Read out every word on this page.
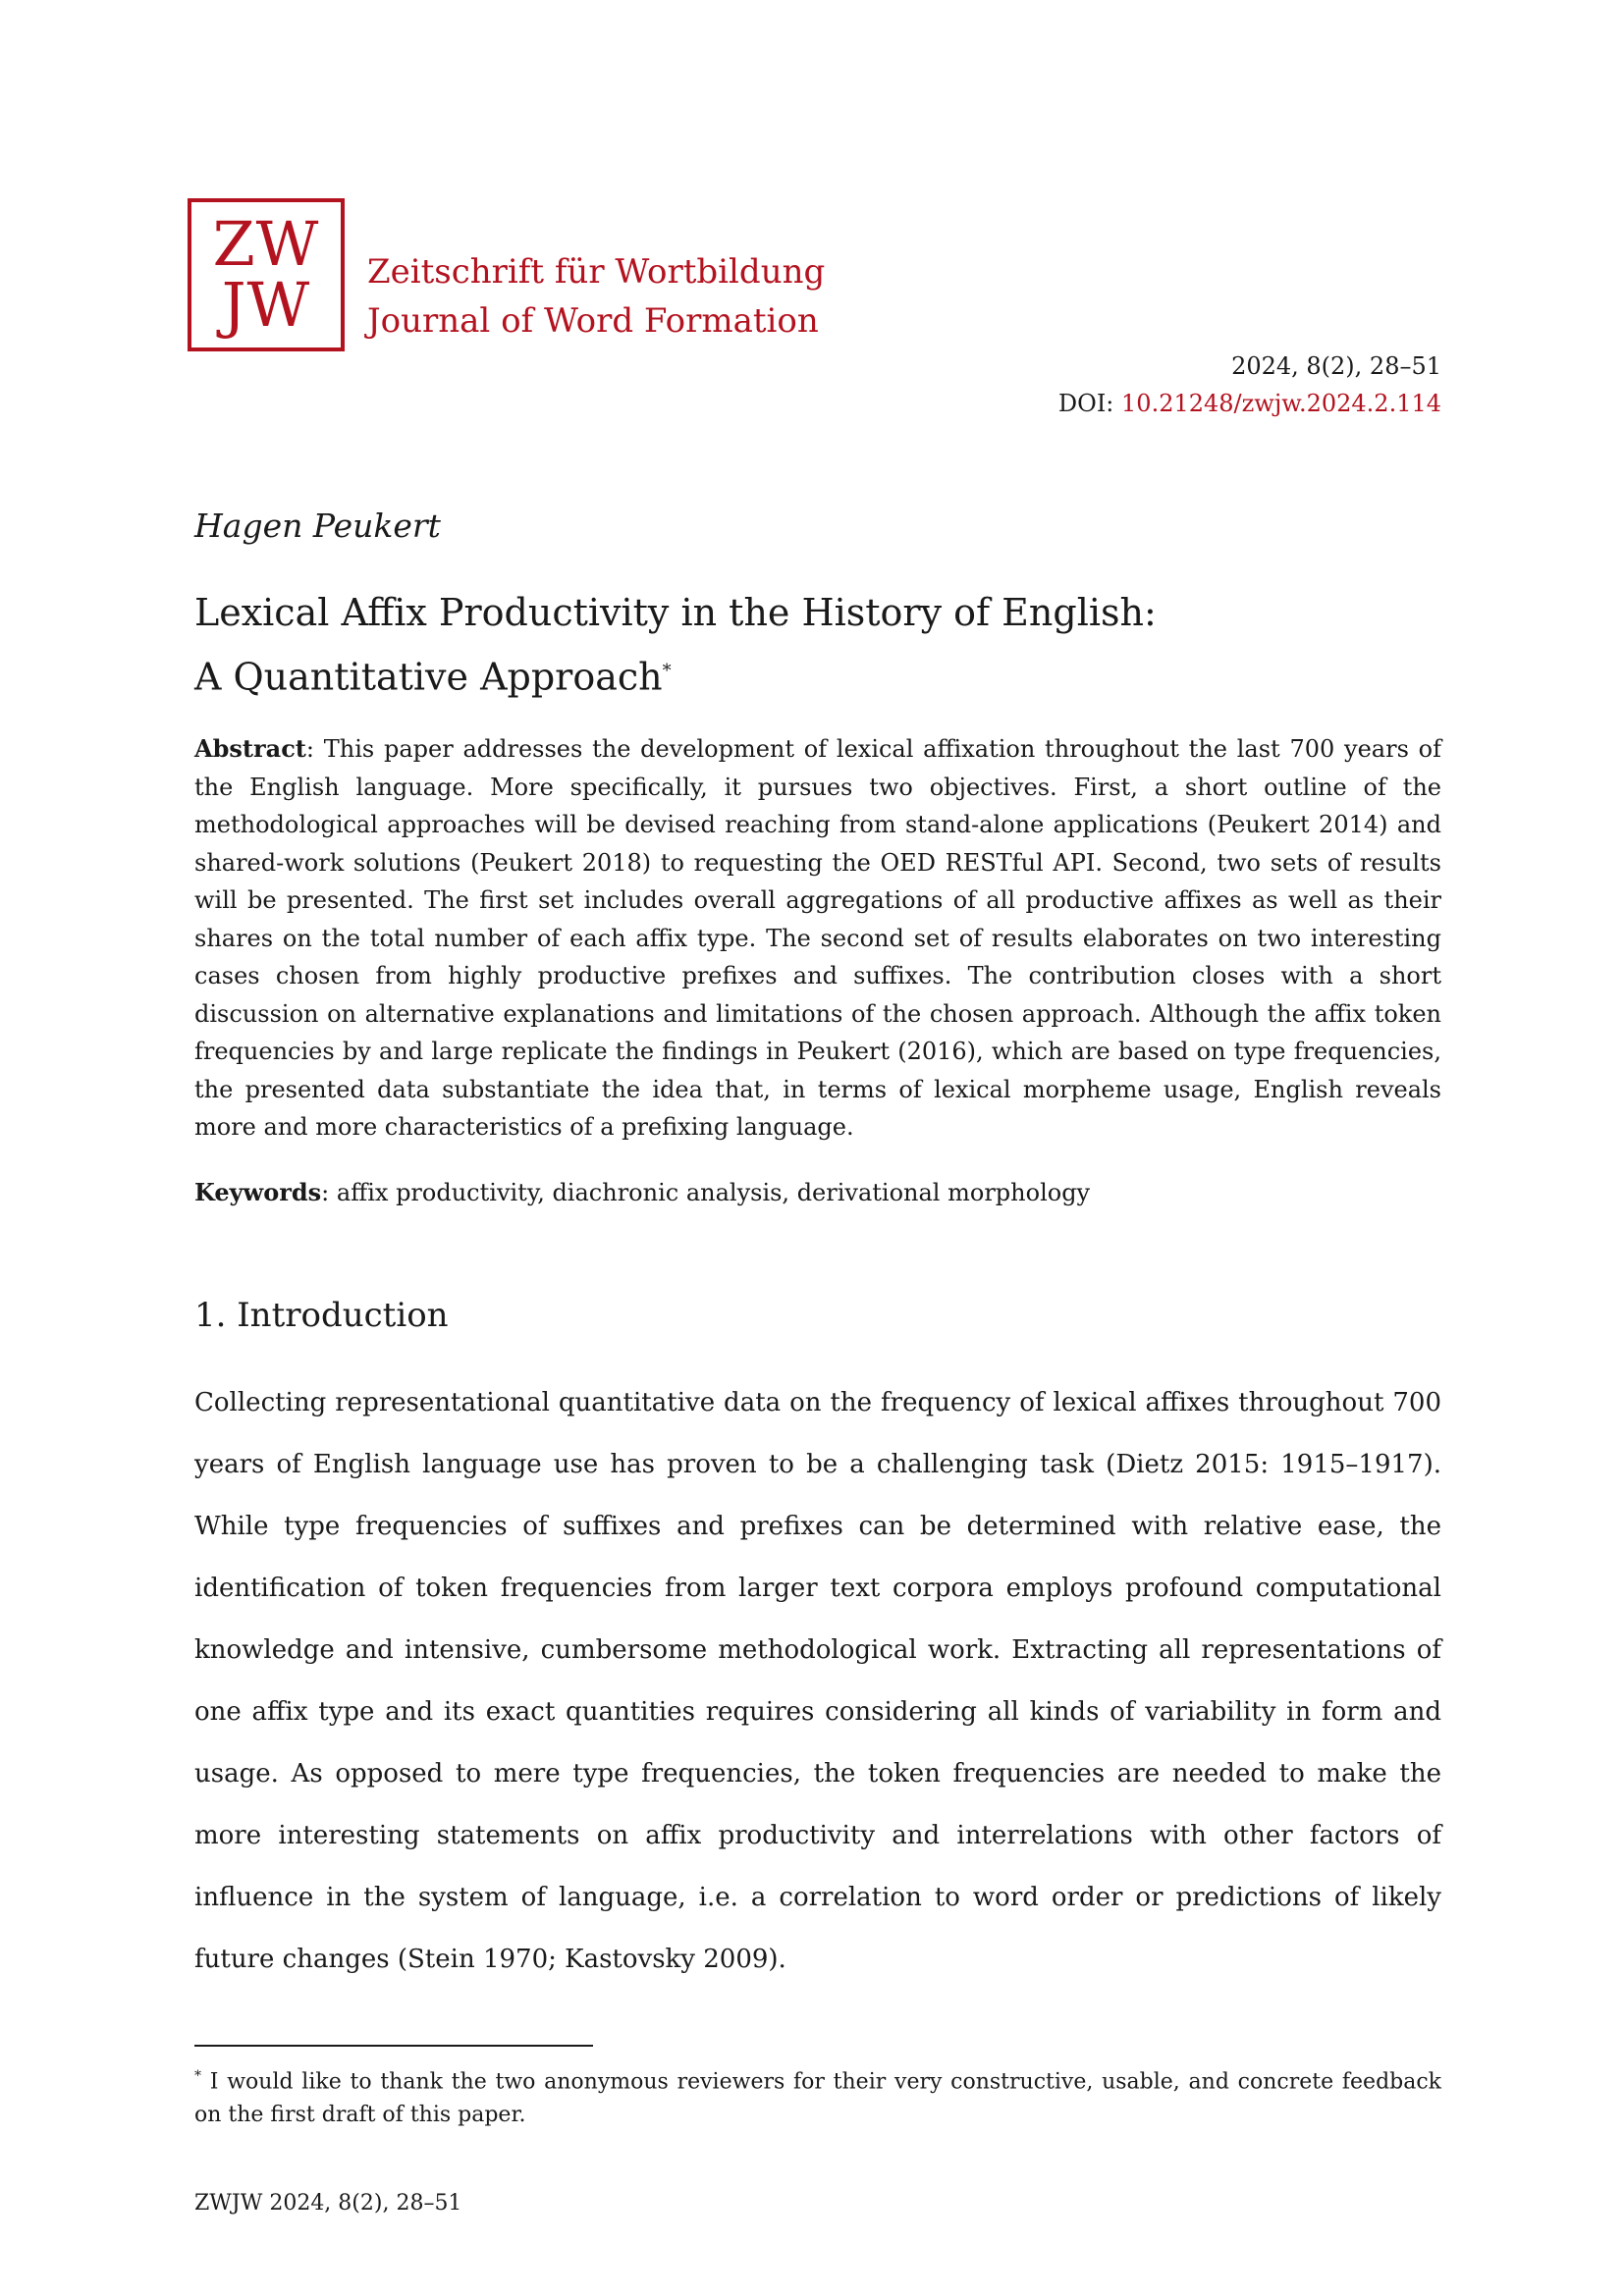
ZW
JW Zeitschrift für Wortbildung
Journal of Word Formation
2024, 8(2), 28–51
DOI: 10.21248/zwjw.2024.2.114
Hagen Peukert
Lexical Affix Productivity in the History of English:
A Quantitative Approach*

Abstract: This paper addresses the development of lexical affixation throughout the last 700 years of the English language. More specifically, it pursues two objectives. First, a short outline of the methodological approaches will be devised reaching from stand-alone applications (Peukert 2014) and shared-work solutions (Peukert 2018) to requesting the OED RESTful API. Second, two sets of results will be presented. The first set includes overall aggregations of all productive affixes as well as their shares on the total number of each affix type. The second set of results elaborates on two interesting cases chosen from highly productive prefixes and suffixes. The contribution closes with a short discussion on alternative explanations and limitations of the chosen approach. Although the affix token frequencies by and large replicate the findings in Peukert (2016), which are based on type frequencies, the presented data substantiate the idea that, in terms of lexical morpheme usage, English reveals more and more characteristics of a prefixing language.

Keywords: affix productivity, diachronic analysis, derivational morphology

1. Introduction

Collecting representational quantitative data on the frequency of lexical affixes throughout 700 years of English language use has proven to be a challenging task (Dietz 2015: 1915–1917). While type frequencies of suffixes and prefixes can be determined with relative ease, the identification of token frequencies from larger text corpora employs profound computational knowledge and intensive, cumbersome methodological work. Extracting all representations of one affix type and its exact quantities requires considering all kinds of variability in form and usage. As opposed to mere type frequencies, the token frequencies are needed to make the more interesting statements on affix productivity and interrelations with other factors of influence in the system of language, i.e. a correlation to word order or predictions of likely future changes (Stein 1970; Kastovsky 2009).

* I would like to thank the two anonymous reviewers for their very constructive, usable, and concrete feedback on the first draft of this paper.

ZWJW 2024, 8(2), 28–51
